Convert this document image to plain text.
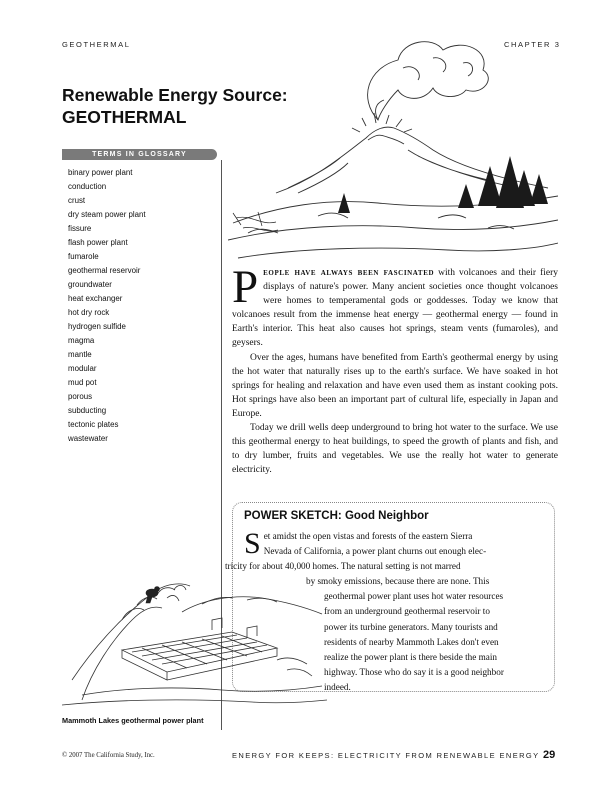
GEOTHERMAL	CHAPTER 3
Renewable Energy Source:
GEOTHERMAL
TERMS IN GLOSSARY
binary power plant
conduction
crust
dry steam power plant
fissure
flash power plant
fumarole
geothermal reservoir
groundwater
heat exchanger
hot dry rock
hydrogen sulfide
magma
mantle
modular
mud pot
porous
subducting
tectonic plates
wastewater

P eople have always been fascinated with volcanoes and their fiery displays of nature's power. Many ancient societies once thought volcanoes were homes to temperamental gods or goddesses. Today we know that volcanoes result from the immense heat energy — geothermal energy — found in Earth's interior. This heat also causes hot springs, steam vents (fumaroles), and geysers.

Over the ages, humans have benefited from Earth's geothermal energy by using the hot water that naturally rises up to the earth's surface. We have soaked in hot springs for healing and relaxation and have even used them as instant cooking pots. Hot springs have also been an important part of cultural life, especially in Japan and Europe.

Today we drill wells deep underground to bring hot water to the surface. We use this geothermal energy to heat buildings, to speed the growth of plants and fish, and to dry lumber, fruits and vegetables. We use the really hot water to generate electricity.

POWER SKETCH: Good Neighbor
S et amidst the open vistas and forests of the eastern Sierra
Nevada of California, a power plant churns out enough elec-
tricity for about 40,000 homes. The natural setting is not marred
by smoky emissions, because there are none. This
geothermal power plant uses hot water resources
from an underground geothermal reservoir to
power its turbine generators. Many tourists and
residents of nearby Mammoth Lakes don't even
realize the power plant is there beside the main
highway. Those who do say it is a good neighbor
indeed.
Mammoth Lakes geothermal power plant
© 2007 The California Study, Inc.	ENERGY FOR KEEPS: ELECTRICITY FROM RENEWABLE ENERGY 29
